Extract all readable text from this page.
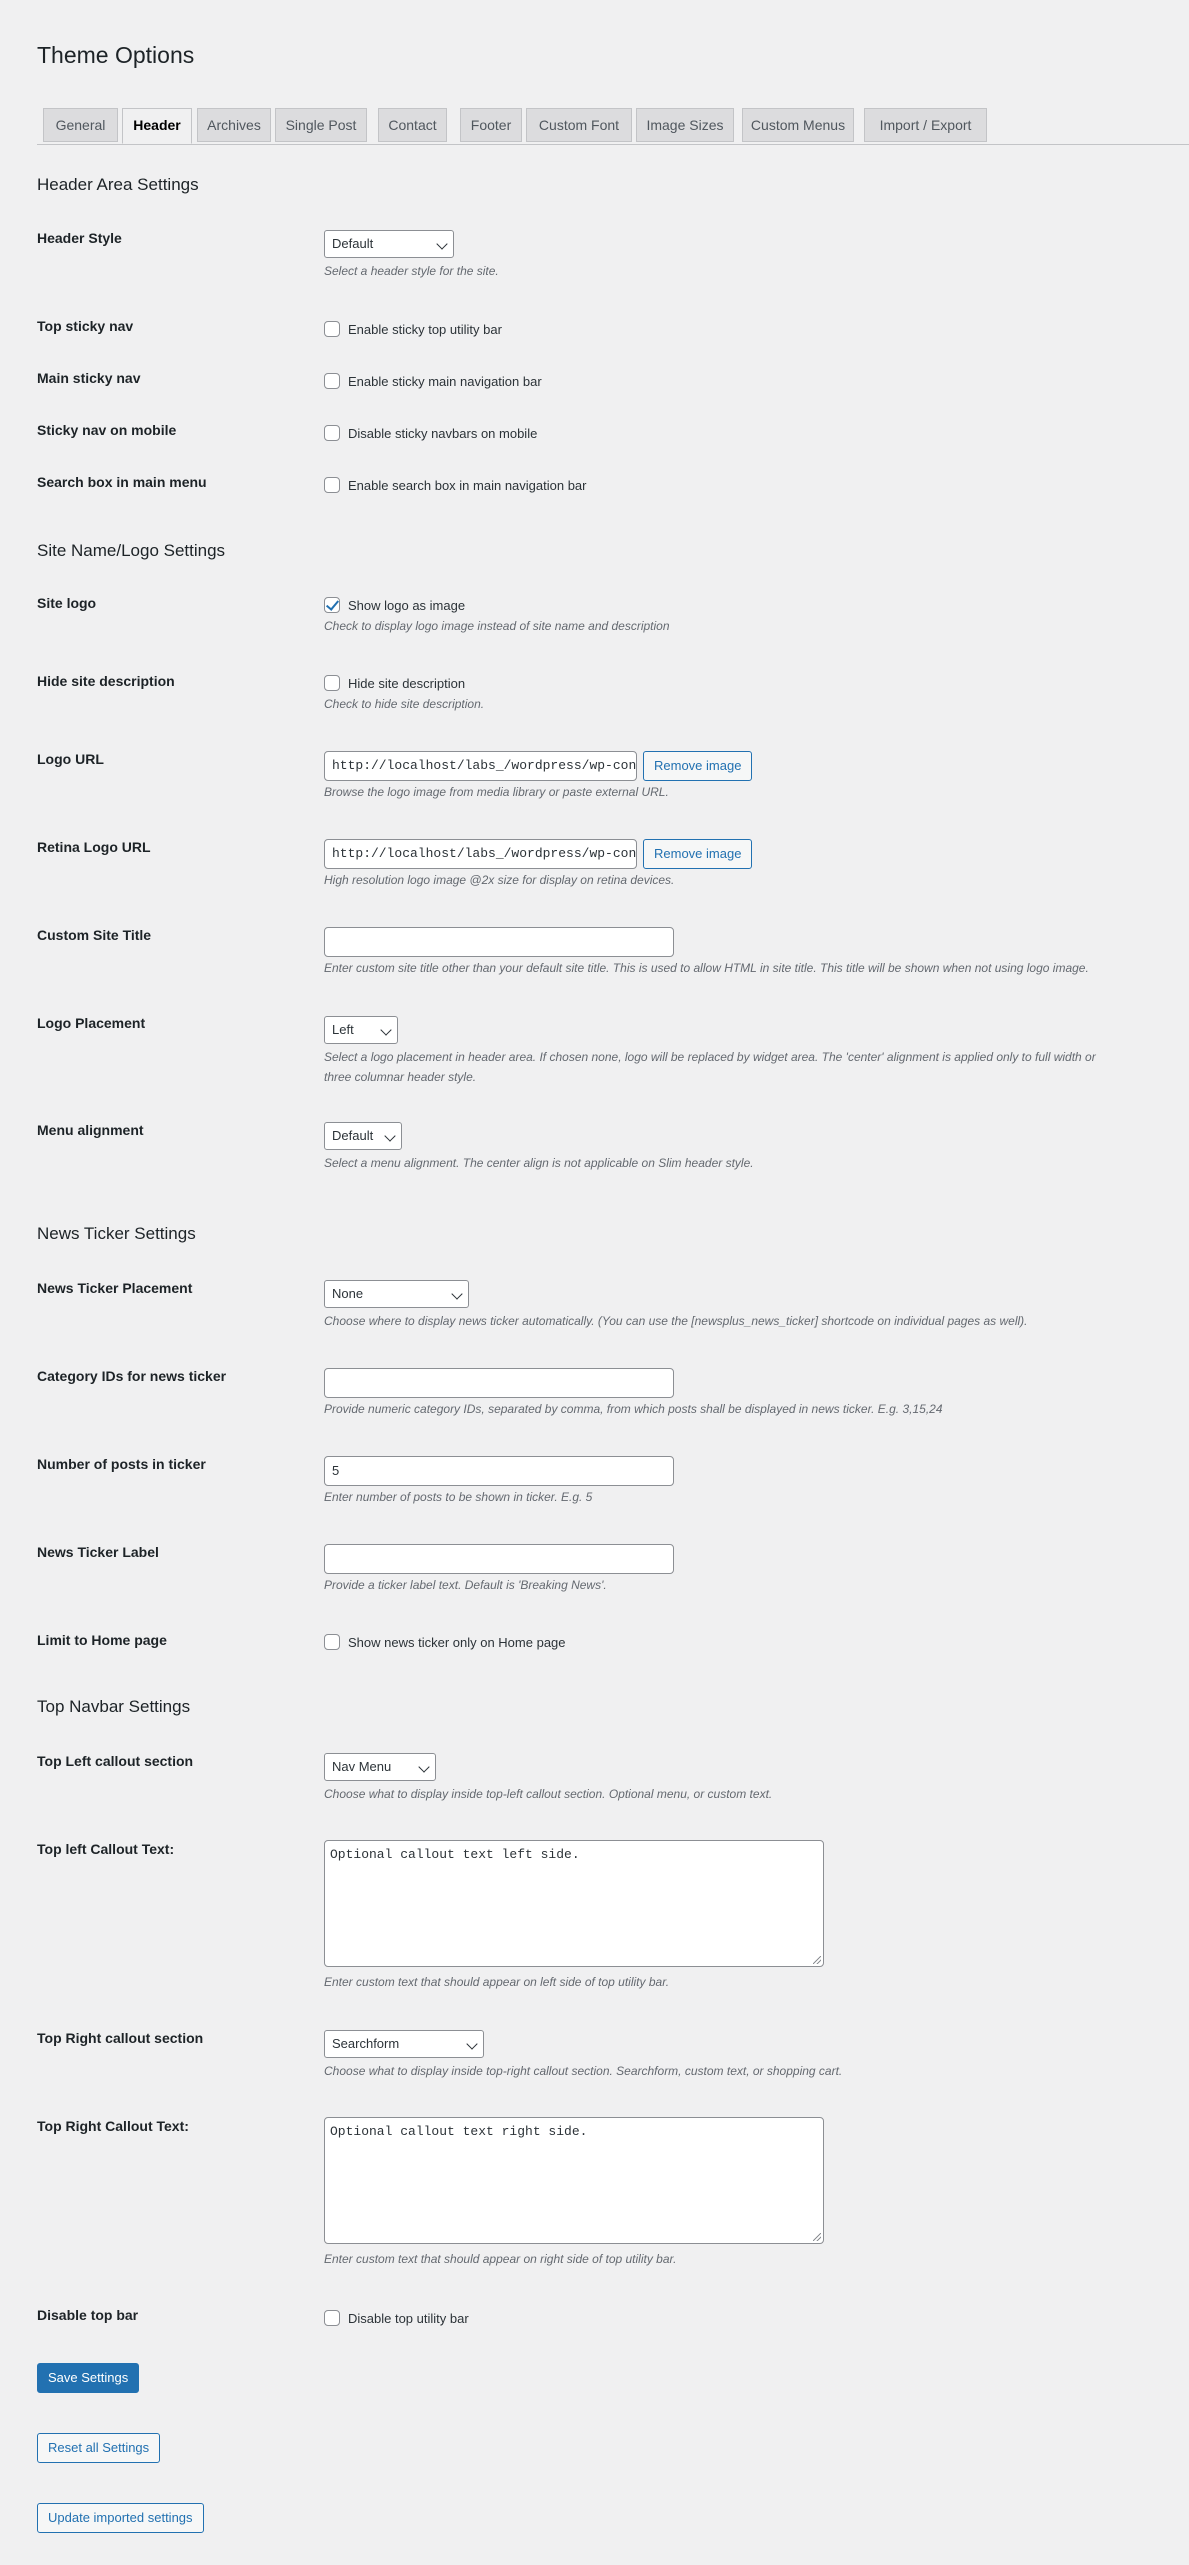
Theme Options
General	Header	Archives	Single Post	Contact	Footer	Custom Font	Image Sizes	Custom Menus	Import / Export
Header Area Settings
Header Style	Default
Select a header style for the site.
Top sticky nav	Enable sticky top utility bar
Main sticky nav	Enable sticky main navigation bar
Sticky nav on mobile	Disable sticky navbars on mobile
Search box in main menu	Enable search box in main navigation bar
Site Name/Logo Settings
Site logo	Show logo as image
Check to display logo image instead of site name and description
Hide site description	Hide site description
Check to hide site description.
Logo URL	http://localhost/labs_/wordpress/wp-con	Remove image
Browse the logo image from media library or paste external URL.
Retina Logo URL	http://localhost/labs_/wordpress/wp-con	Remove image
High resolution logo image @2x size for display on retina devices.
Custom Site Title
Enter custom site title other than your default site title. This is used to allow HTML in site title. This title will be shown when not using logo image.
Logo Placement	Left
Select a logo placement in header area. If chosen none, logo will be replaced by widget area. The 'center' alignment is applied only to full width or
three columnar header style.
Menu alignment	Default
Select a menu alignment. The center align is not applicable on Slim header style.
News Ticker Settings
News Ticker Placement	None
Choose where to display news ticker automatically. (You can use the [newsplus_news_ticker] shortcode on individual pages as well).
Category IDs for news ticker
Provide numeric category IDs, separated by comma, from which posts shall be displayed in news ticker. E.g. 3,15,24
Number of posts in ticker	5
Enter number of posts to be shown in ticker. E.g. 5
News Ticker Label
Provide a ticker label text. Default is 'Breaking News'.
Limit to Home page	Show news ticker only on Home page
Top Navbar Settings
Top Left callout section	Nav Menu
Choose what to display inside top-left callout section. Optional menu, or custom text.
Top left Callout Text:	Optional callout text left side.
Enter custom text that should appear on left side of top utility bar.
Top Right callout section	Searchform
Choose what to display inside top-right callout section. Searchform, custom text, or shopping cart.
Top Right Callout Text:	Optional callout text right side.
Enter custom text that should appear on right side of top utility bar.
Disable top bar	Disable top utility bar
Save Settings
Reset all Settings
Update imported settings
